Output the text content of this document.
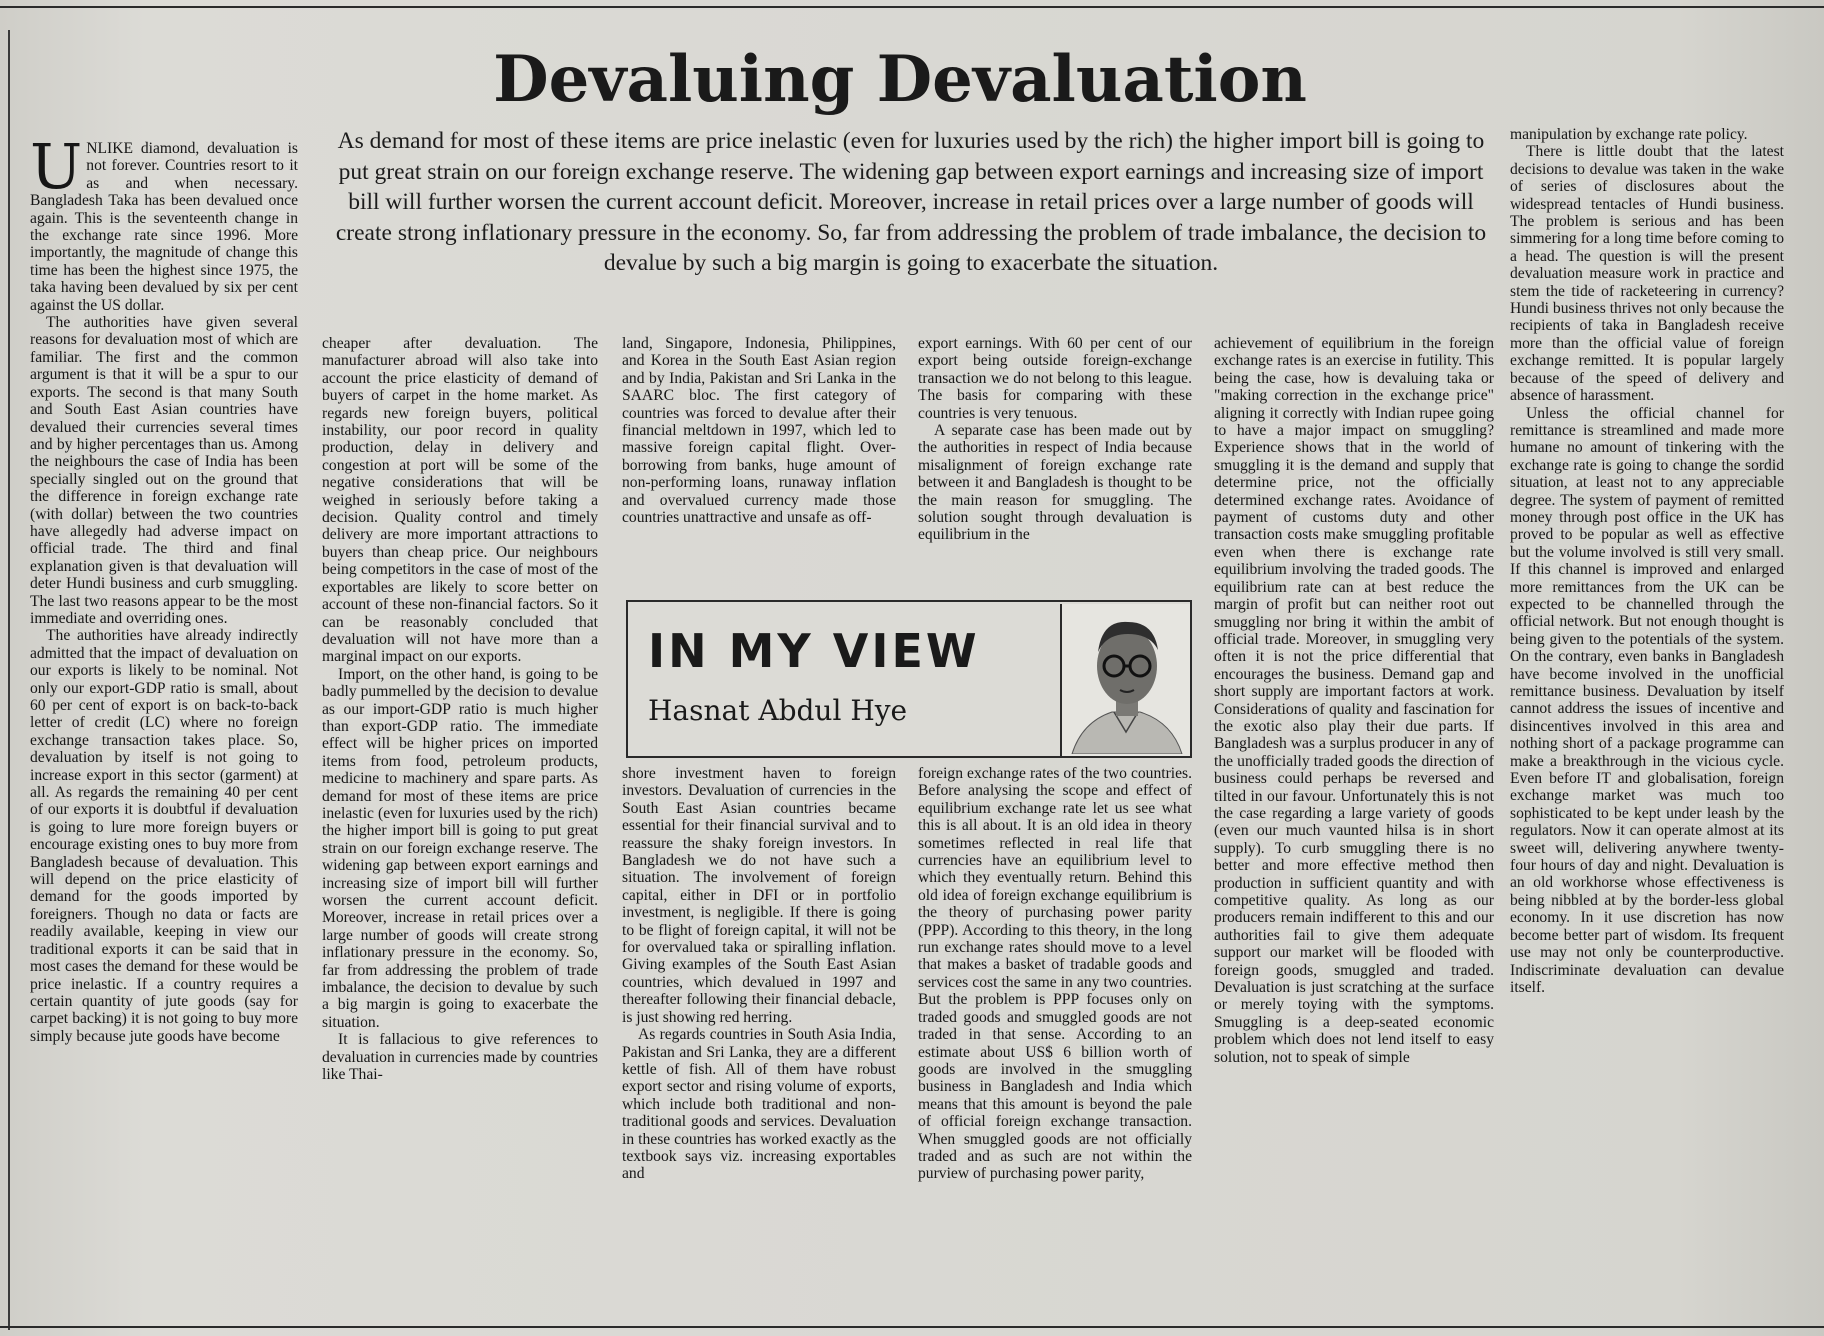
Devaluing Devaluation
As demand for most of these items are price inelastic (even for luxuries used by the rich) the higher import bill is going to put great strain on our foreign exchange reserve. The widening gap between export earnings and increasing size of import bill will further worsen the current account deficit. Moreover, increase in retail prices over a large number of goods will create strong inflationary pressure in the economy. So, far from addressing the problem of trade imbalance, the decision to devalue by such a big margin is going to exacerbate the situation.

UNLIKE diamond, devaluation is not forever. Countries resort to it as and when necessary. Bangladesh Taka has been devalued once again. This is the seventeenth change in the exchange rate since 1996. More importantly, the magnitude of change this time has been the highest since 1975, the taka having been devalued by six per cent against the US dollar.

The authorities have given several reasons for devaluation most of which are familiar. The first and the common argument is that it will be a spur to our exports. The second is that many South and South East Asian countries have devalued their currencies several times and by higher percentages than us. Among the neighbours the case of India has been specially singled out on the ground that the difference in foreign exchange rate (with dollar) between the two countries have allegedly had adverse impact on official trade. The third and final explanation given is that devaluation will deter Hundi business and curb smuggling. The last two reasons appear to be the most immediate and overriding ones.

The authorities have already indirectly admitted that the impact of devaluation on our exports is likely to be nominal. Not only our export-GDP ratio is small, about 60 per cent of export is on back-to-back letter of credit (LC) where no foreign exchange transaction takes place. So, devaluation by itself is not going to increase export in this sector (garment) at all. As regards the remaining 40 per cent of our exports it is doubtful if devaluation is going to lure more foreign buyers or encourage existing ones to buy more from Bangladesh because of devaluation. This will depend on the price elasticity of demand for the goods imported by foreigners. Though no data or facts are readily available, keeping in view our traditional exports it can be said that in most cases the demand for these would be price inelastic. If a country requires a certain quantity of jute goods (say for carpet backing) it is not going to buy more simply because jute goods have become

cheaper after devaluation. The manufacturer abroad will also take into account the price elasticity of demand of buyers of carpet in the home market. As regards new foreign buyers, political instability, our poor record in quality production, delay in delivery and congestion at port will be some of the negative considerations that will be weighed in seriously before taking a decision. Quality control and timely delivery are more important attractions to buyers than cheap price. Our neighbours being competitors in the case of most of the exportables are likely to score better on account of these non-financial factors. So it can be reasonably concluded that devaluation will not have more than a marginal impact on our exports.

Import, on the other hand, is going to be badly pummelled by the decision to devalue as our import-GDP ratio is much higher than export-GDP ratio. The immediate effect will be higher prices on imported items from food, petroleum products, medicine to machinery and spare parts. As demand for most of these items are price inelastic (even for luxuries used by the rich) the higher import bill is going to put great strain on our foreign exchange reserve. The widening gap between export earnings and increasing size of import bill will further worsen the current account deficit. Moreover, increase in retail prices over a large number of goods will create strong inflationary pressure in the economy. So, far from addressing the problem of trade imbalance, the decision to devalue by such a big margin is going to exacerbate the situation.

It is fallacious to give references to devaluation in currencies made by countries like Thai-

land, Singapore, Indonesia, Philippines, and Korea in the South East Asian region and by India, Pakistan and Sri Lanka in the SAARC bloc. The first category of countries was forced to devalue after their financial meltdown in 1997, which led to massive foreign capital flight. Over-borrowing from banks, huge amount of non-performing loans, runaway inflation and overvalued currency made those countries unattractive and unsafe as off-

export earnings. With 60 per cent of our export being outside foreign-exchange transaction we do not belong to this league. The basis for comparing with these countries is very tenuous.

A separate case has been made out by the authorities in respect of India because misalignment of foreign exchange rate between it and Bangladesh is thought to be the main reason for smuggling. The solution sought through devaluation is equilibrium in the

IN MY VIEW
Hasnat Abdul Hye

shore investment haven to foreign investors. Devaluation of currencies in the South East Asian countries became essential for their financial survival and to reassure the shaky foreign investors. In Bangladesh we do not have such a situation. The involvement of foreign capital, either in DFI or in portfolio investment, is negligible. If there is going to be flight of foreign capital, it will not be for overvalued taka or spiralling inflation. Giving examples of the South East Asian countries, which devalued in 1997 and thereafter following their financial debacle, is just showing red herring.

As regards countries in South Asia India, Pakistan and Sri Lanka, they are a different kettle of fish. All of them have robust export sector and rising volume of exports, which include both traditional and non-traditional goods and services. Devaluation in these countries has worked exactly as the textbook says viz. increasing exportables and

foreign exchange rates of the two countries. Before analysing the scope and effect of equilibrium exchange rate let us see what this is all about. It is an old idea in theory sometimes reflected in real life that currencies have an equilibrium level to which they eventually return. Behind this old idea of foreign exchange equilibrium is the theory of purchasing power parity (PPP). According to this theory, in the long run exchange rates should move to a level that makes a basket of tradable goods and services cost the same in any two countries. But the problem is PPP focuses only on traded goods and smuggled goods are not traded in that sense. According to an estimate about US$ 6 billion worth of goods are involved in the smuggling business in Bangladesh and India which means that this amount is beyond the pale of official foreign exchange transaction. When smuggled goods are not officially traded and as such are not within the purview of purchasing power parity,

achievement of equilibrium in the foreign exchange rates is an exercise in futility. This being the case, how is devaluing taka or "making correction in the exchange price" aligning it correctly with Indian rupee going to have a major impact on smuggling? Experience shows that in the world of smuggling it is the demand and supply that determine price, not the officially determined exchange rates. Avoidance of payment of customs duty and other transaction costs make smuggling profitable even when there is exchange rate equilibrium involving the traded goods. The equilibrium rate can at best reduce the margin of profit but can neither root out smuggling nor bring it within the ambit of official trade. Moreover, in smuggling very often it is not the price differential that encourages the business. Demand gap and short supply are important factors at work. Considerations of quality and fascination for the exotic also play their due parts. If Bangladesh was a surplus producer in any of the unofficially traded goods the direction of business could perhaps be reversed and tilted in our favour. Unfortunately this is not the case regarding a large variety of goods (even our much vaunted hilsa is in short supply). To curb smuggling there is no better and more effective method then production in sufficient quantity and with competitive quality. As long as our producers remain indifferent to this and our authorities fail to give them adequate support our market will be flooded with foreign goods, smuggled and traded. Devaluation is just scratching at the surface or merely toying with the symptoms. Smuggling is a deep-seated economic problem which does not lend itself to easy solution, not to speak of simple

manipulation by exchange rate policy.

There is little doubt that the latest decisions to devalue was taken in the wake of series of disclosures about the widespread tentacles of Hundi business. The problem is serious and has been simmering for a long time before coming to a head. The question is will the present devaluation measure work in practice and stem the tide of racketeering in currency? Hundi business thrives not only because the recipients of taka in Bangladesh receive more than the official value of foreign exchange remitted. It is popular largely because of the speed of delivery and absence of harassment.

Unless the official channel for remittance is streamlined and made more humane no amount of tinkering with the exchange rate is going to change the sordid situation, at least not to any appreciable degree. The system of payment of remitted money through post office in the UK has proved to be popular as well as effective but the volume involved is still very small. If this channel is improved and enlarged more remittances from the UK can be expected to be channelled through the official network. But not enough thought is being given to the potentials of the system. On the contrary, even banks in Bangladesh have become involved in the unofficial remittance business. Devaluation by itself cannot address the issues of incentive and disincentives involved in this area and nothing short of a package programme can make a breakthrough in the vicious cycle. Even before IT and globalisation, foreign exchange market was much too sophisticated to be kept under leash by the regulators. Now it can operate almost at its sweet will, delivering anywhere twenty-four hours of day and night. Devaluation is an old workhorse whose effectiveness is being nibbled at by the border-less global economy. In it use discretion has now become better part of wisdom. Its frequent use may not only be counterproductive. Indiscriminate devaluation can devalue itself.
